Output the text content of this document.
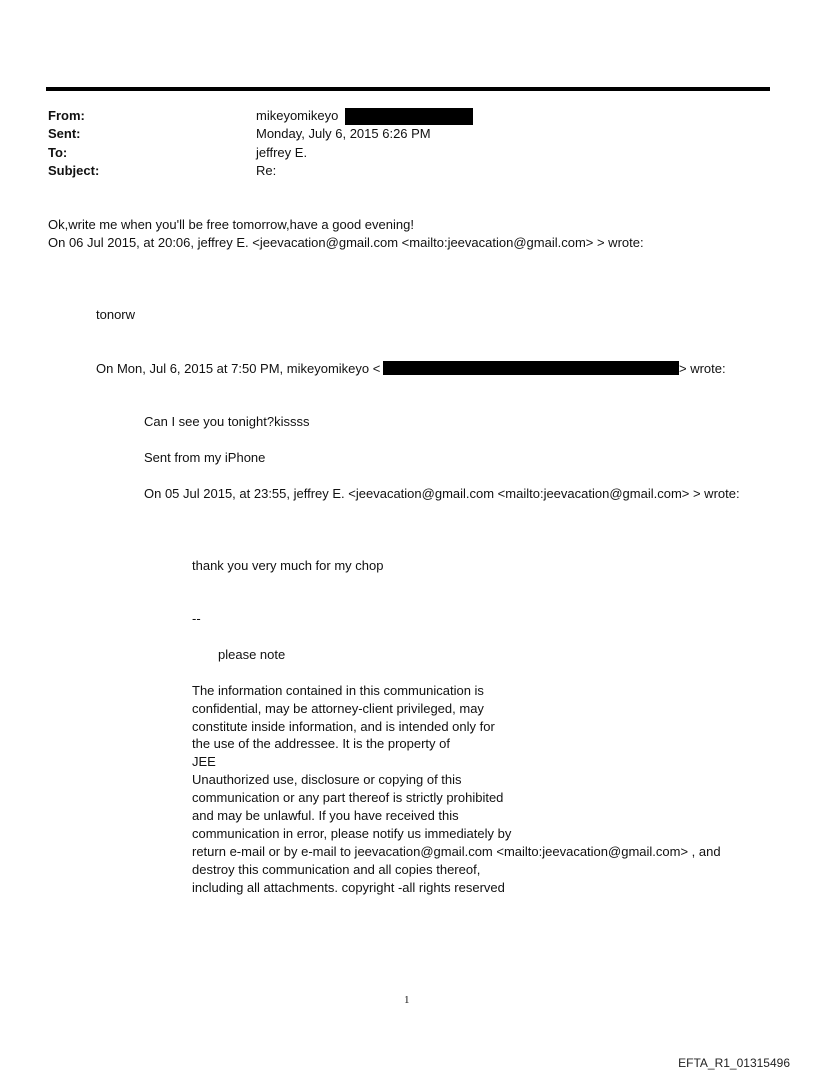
From:	mikeyomikeyo
Sent:	Monday, July 6, 2015 6:26 PM
To:	jeffrey E.
Subject:	Re:
Ok,write me when you'll be free tomorrow,have a good evening!
On 06 Jul 2015, at 20:06, jeffrey E. <jeevacation@gmail.com <mailto:jeevacation@gmail.com> > wrote:
tonorw
On Mon, Jul 6, 2015 at 7:50 PM, mikeyomikeyo <	> wrote:
Can I see you tonight?kissss
Sent from my iPhone
On 05 Jul 2015, at 23:55, jeffrey E. <jeevacation@gmail.com <mailto:jeevacation@gmail.com> > wrote:
thank you very much for my chop
--
please note
The information contained in this communication is
confidential, may be attorney-client privileged, may
constitute inside information, and is intended only for
the use of the addressee. It is the property of
JEE
Unauthorized use, disclosure or copying of this
communication or any part thereof is strictly prohibited
and may be unlawful. If you have received this
communication in error, please notify us immediately by
return e-mail or by e-mail to jeevacation@gmail.com <mailto:jeevacation@gmail.com> , and
destroy this communication and all copies thereof,
including all attachments. copyright -all rights reserved
1
EFTA_R1_01315496
